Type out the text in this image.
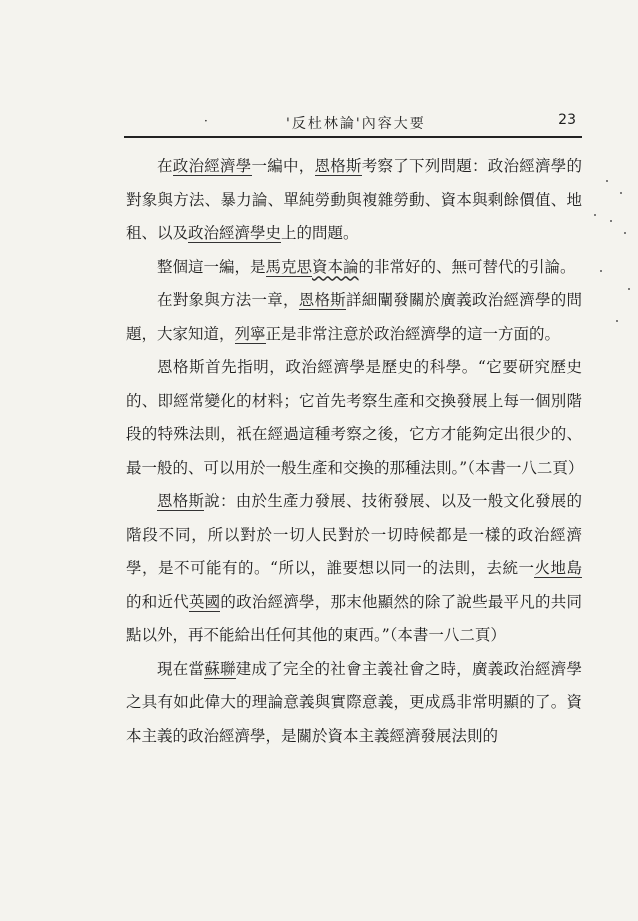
·	'反杜林論'內容大要	23

在政治經濟學一編中，恩格斯考察了下列問題：政治經濟學的對象與方法、暴力論、單純勞動與複雜勞動、資本與剩餘價值、地租、以及政治經濟學史上的問題。

整個這一編，是馬克思資本論的非常好的、無可替代的引論。

在對象與方法一章，恩格斯詳細闡發關於廣義政治經濟學的問題，大家知道，列寧正是非常注意於政治經濟學的這一方面的。

恩格斯首先指明，政治經濟學是歷史的科學。“它要研究歷史的、即經常變化的材料；它首先考察生產和交換發展上每一個別階段的特殊法則，祇在經過這種考察之後，它方才能夠定出很少的、最一般的、可以用於一般生產和交換的那種法則。”（本書一八二頁）

恩格斯說：由於生產力發展、技術發展、以及一般文化發展的階段不同，所以對於一切人民對於一切時候都是一樣的政治經濟學，是不可能有的。“所以，誰要想以同一的法則，去統一火地島的和近代英國的政治經濟學，那末他顯然的除了說些最平凡的共同點以外，再不能給出任何其他的東西。”（本書一八二頁）

現在當蘇聯建成了完全的社會主義社會之時，廣義政治經濟學之具有如此偉大的理論意義與實際意義，更成爲非常明顯的了。資本主義的政治經濟學，是關於資本主義經濟發展法則的
